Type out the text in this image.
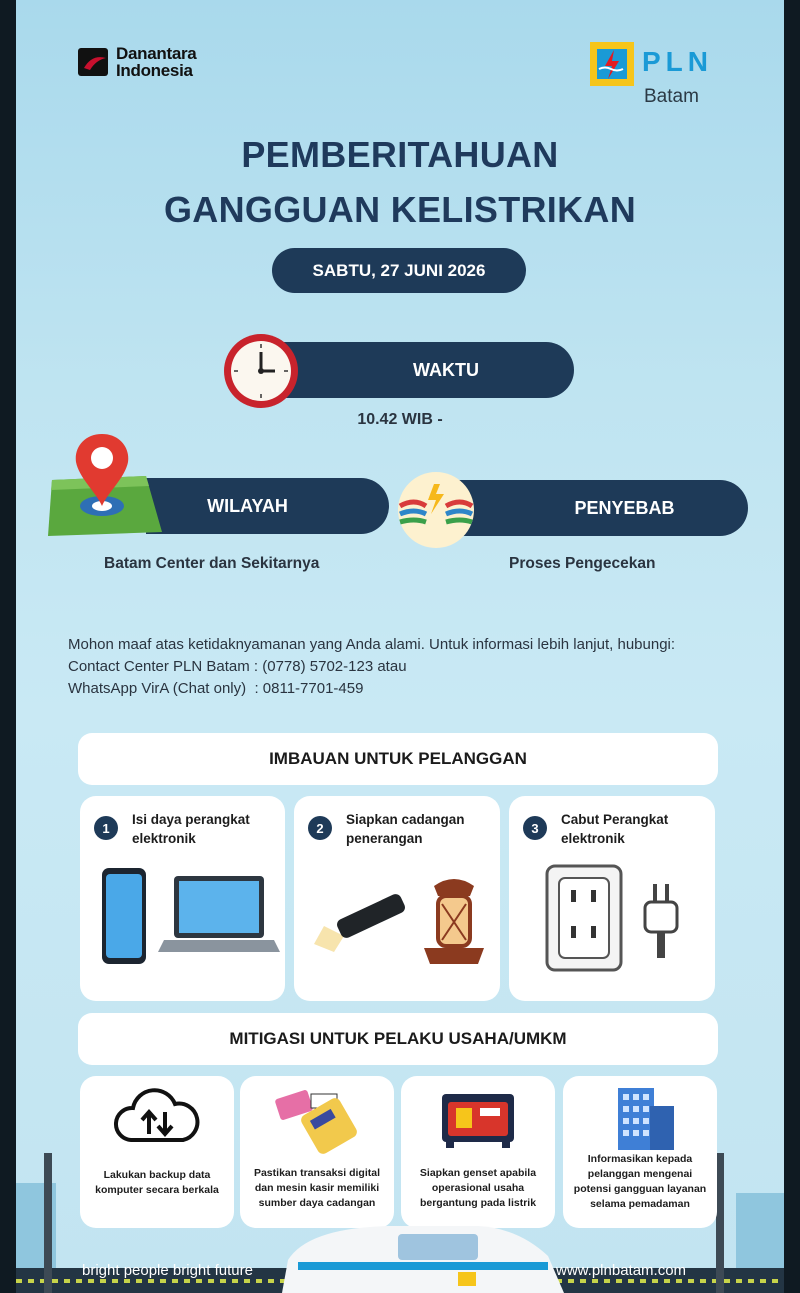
Danantara
Indonesia	PLN
Batam
PEMBERITAHUAN
GANGGUAN KELISTRIKAN
SABTU, 27 JUNI 2026
WAKTU
10.42 WIB -
WILAYAH
Batam Center dan Sekitarnya
PENYEBAB
Proses Pengecekan
Mohon maaf atas ketidaknyamanan yang Anda alami. Untuk informasi lebih lanjut, hubungi:
Contact Center PLN Batam : (0778) 5702-123 atau
WhatsApp VirA (Chat only)  : 0811-7701-459
IMBAUAN UNTUK PELANGGAN
1
Isi daya perangkat elektronik
2
Siapkan cadangan penerangan
3
Cabut Perangkat elektronik
MITIGASI UNTUK PELAKU USAHA/UMKM
Lakukan backup data komputer secara berkala
Pastikan transaksi digital dan mesin kasir memiliki sumber daya cadangan
Siapkan genset apabila operasional usaha bergantung pada listrik
Informasikan kepada pelanggan mengenai potensi gangguan layanan selama pemadaman
bright people bright future	www.plnbatam.com
